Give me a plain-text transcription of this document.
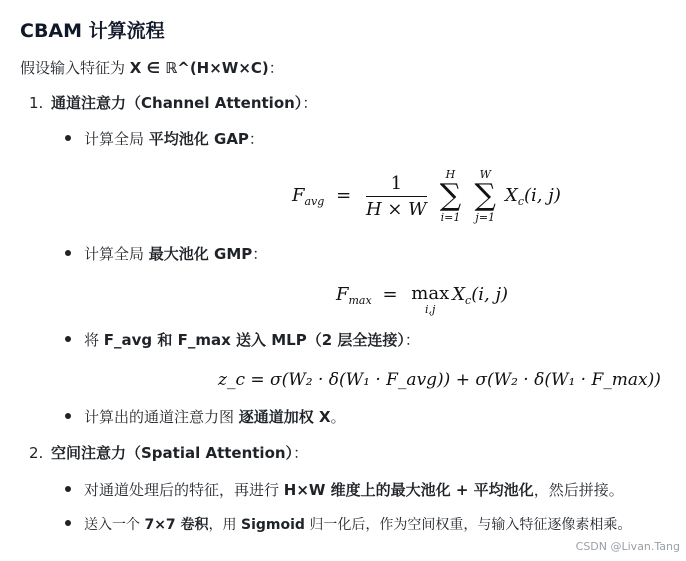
CBAM 计算流程
假设输入特征为 X ∈ ℝ^(H×W×C)：
1. 通道注意力（Channel Attention）：
计算全局 平均池化 GAP：
$F_{avg} = \frac{1}{H \times W}$
	H
∑
i=1

W
∑
j=1
$X_c(i$, j)
计算全局 最大池化 GMP：
$F_{max} = \max$
i,j
$X_c(i$, j)
将 F_avg 和 F_max 送入 MLP（2 层全连接）：
z_c = σ(W₂ · δ(W₁ · F_avg)) + σ(W₂ · δ(W₁ · F_max))
计算出的通道注意力图 逐通道加权 X。
2. 空间注意力（Spatial Attention）：
对通道处理后的特征，再进行 H×W 维度上的最大池化 + 平均池化，然后拼接。
送入一个 7×7 卷积，用 Sigmoid 归一化后，作为空间权重，与输入特征逐像素相乘。
CSDN @Livan.Tang
